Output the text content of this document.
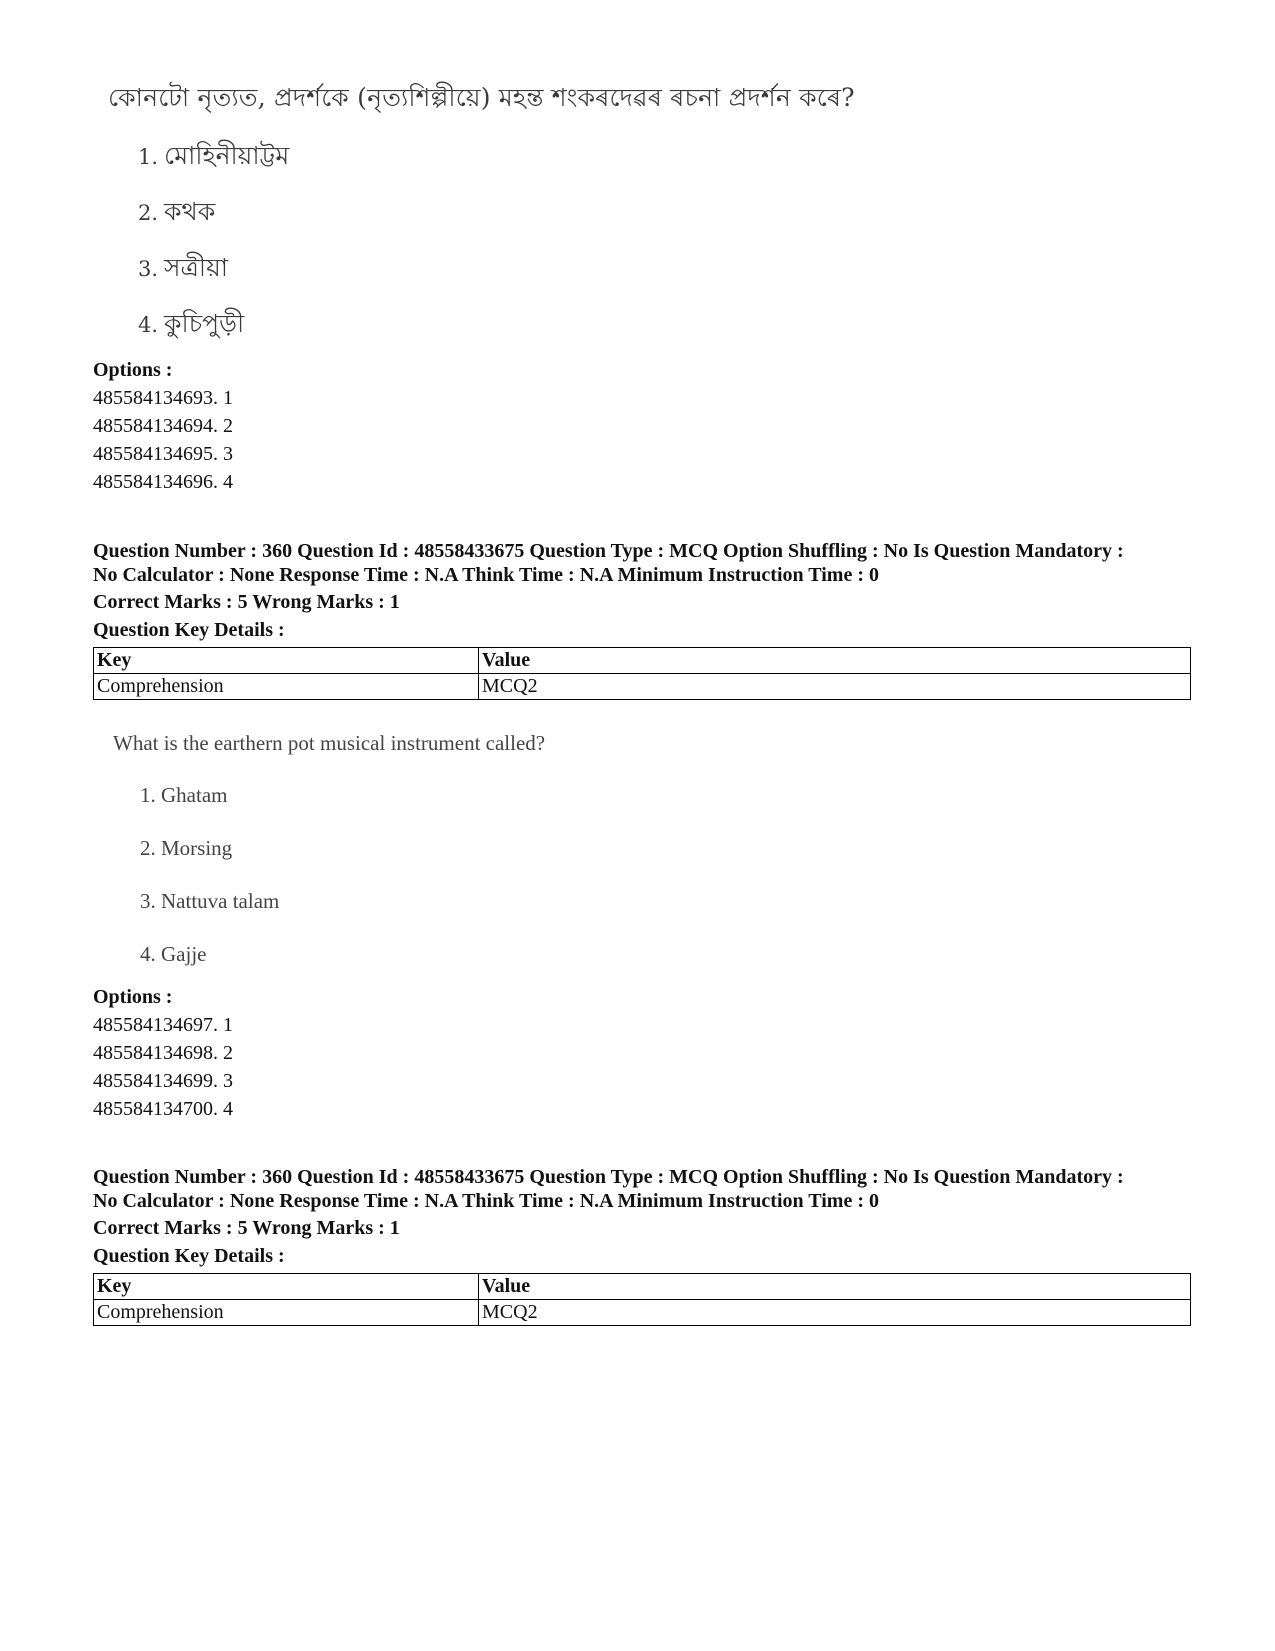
কোনটো নৃত্যত, প্ৰদৰ্শকে (নৃত্যশিল্পীয়ে) মহন্ত শংকৰদেৱৰ ৰচনা প্ৰদৰ্শন কৰে?
1. মোহিনীয়াট্টম
2. কথক
3. সত্ৰীয়া
4. কুচিপুড়ী
Options :
485584134693. 1
485584134694. 2
485584134695. 3
485584134696. 4
Question Number : 360 Question Id : 48558433675 Question Type : MCQ Option Shuffling : No Is Question Mandatory :
No Calculator : None Response Time : N.A Think Time : N.A Minimum Instruction Time : 0
Correct Marks : 5 Wrong Marks : 1
Question Key Details :
Key	Value
Comprehension	MCQ2
What is the earthern pot musical instrument called?
1. Ghatam
2. Morsing
3. Nattuva talam
4. Gajje
Options :
485584134697. 1
485584134698. 2
485584134699. 3
485584134700. 4
Question Number : 360 Question Id : 48558433675 Question Type : MCQ Option Shuffling : No Is Question Mandatory :
No Calculator : None Response Time : N.A Think Time : N.A Minimum Instruction Time : 0
Correct Marks : 5 Wrong Marks : 1
Question Key Details :
Key	Value
Comprehension	MCQ2
